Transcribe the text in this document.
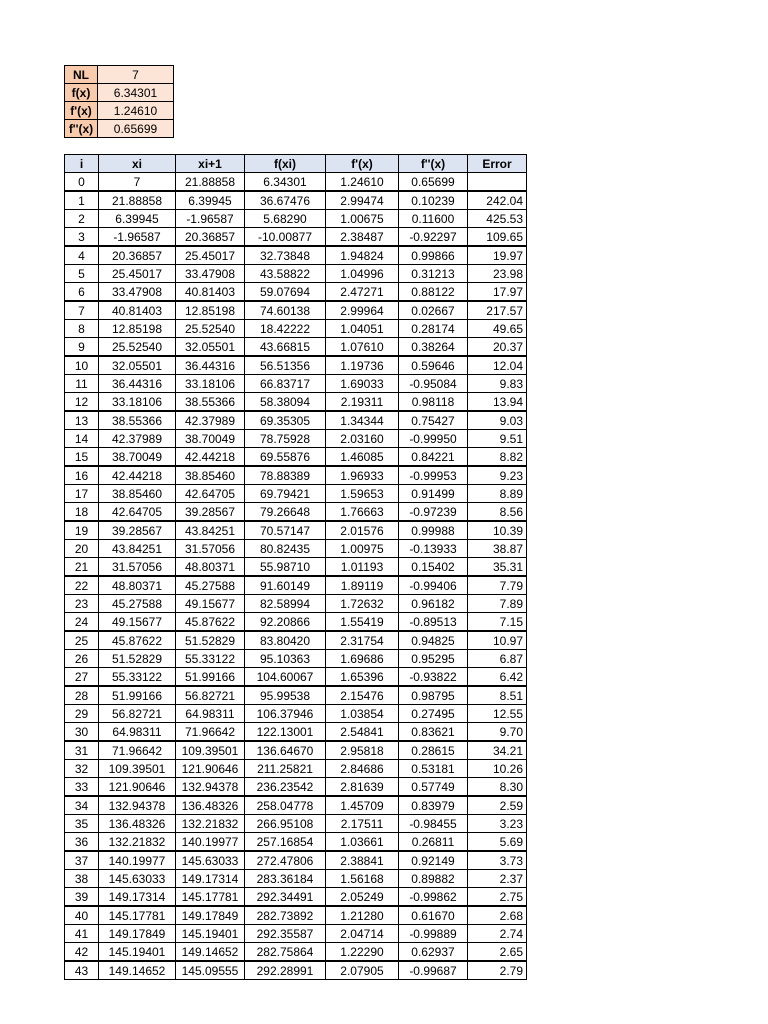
NL	7
f(x)	6.34301
f'(x)	1.24610
f''(x)	0.65699
i	xi	xi+1	f(xi)	f'(x)	f''(x)	Error
0	7	21.88858	6.34301	1.24610	0.65699	
1	21.88858	6.39945	36.67476	2.99474	0.10239	242.04
2	6.39945	-1.96587	5.68290	1.00675	0.11600	425.53
3	-1.96587	20.36857	-10.00877	2.38487	-0.92297	109.65
4	20.36857	25.45017	32.73848	1.94824	0.99866	19.97
5	25.45017	33.47908	43.58822	1.04996	0.31213	23.98
6	33.47908	40.81403	59.07694	2.47271	0.88122	17.97
7	40.81403	12.85198	74.60138	2.99964	0.02667	217.57
8	12.85198	25.52540	18.42222	1.04051	0.28174	49.65
9	25.52540	32.05501	43.66815	1.07610	0.38264	20.37
10	32.05501	36.44316	56.51356	1.19736	0.59646	12.04
11	36.44316	33.18106	66.83717	1.69033	-0.95084	9.83
12	33.18106	38.55366	58.38094	2.19311	0.98118	13.94
13	38.55366	42.37989	69.35305	1.34344	0.75427	9.03
14	42.37989	38.70049	78.75928	2.03160	-0.99950	9.51
15	38.70049	42.44218	69.55876	1.46085	0.84221	8.82
16	42.44218	38.85460	78.88389	1.96933	-0.99953	9.23
17	38.85460	42.64705	69.79421	1.59653	0.91499	8.89
18	42.64705	39.28567	79.26648	1.76663	-0.97239	8.56
19	39.28567	43.84251	70.57147	2.01576	0.99988	10.39
20	43.84251	31.57056	80.82435	1.00975	-0.13933	38.87
21	31.57056	48.80371	55.98710	1.01193	0.15402	35.31
22	48.80371	45.27588	91.60149	1.89119	-0.99406	7.79
23	45.27588	49.15677	82.58994	1.72632	0.96182	7.89
24	49.15677	45.87622	92.20866	1.55419	-0.89513	7.15
25	45.87622	51.52829	83.80420	2.31754	0.94825	10.97
26	51.52829	55.33122	95.10363	1.69686	0.95295	6.87
27	55.33122	51.99166	104.60067	1.65396	-0.93822	6.42
28	51.99166	56.82721	95.99538	2.15476	0.98795	8.51
29	56.82721	64.98311	106.37946	1.03854	0.27495	12.55
30	64.98311	71.96642	122.13001	2.54841	0.83621	9.70
31	71.96642	109.39501	136.64670	2.95818	0.28615	34.21
32	109.39501	121.90646	211.25821	2.84686	0.53181	10.26
33	121.90646	132.94378	236.23542	2.81639	0.57749	8.30
34	132.94378	136.48326	258.04778	1.45709	0.83979	2.59
35	136.48326	132.21832	266.95108	2.17511	-0.98455	3.23
36	132.21832	140.19977	257.16854	1.03661	0.26811	5.69
37	140.19977	145.63033	272.47806	2.38841	0.92149	3.73
38	145.63033	149.17314	283.36184	1.56168	0.89882	2.37
39	149.17314	145.17781	292.34491	2.05249	-0.99862	2.75
40	145.17781	149.17849	282.73892	1.21280	0.61670	2.68
41	149.17849	145.19401	292.35587	2.04714	-0.99889	2.74
42	145.19401	149.14652	282.75864	1.22290	0.62937	2.65
43	149.14652	145.09555	292.28991	2.07905	-0.99687	2.79
